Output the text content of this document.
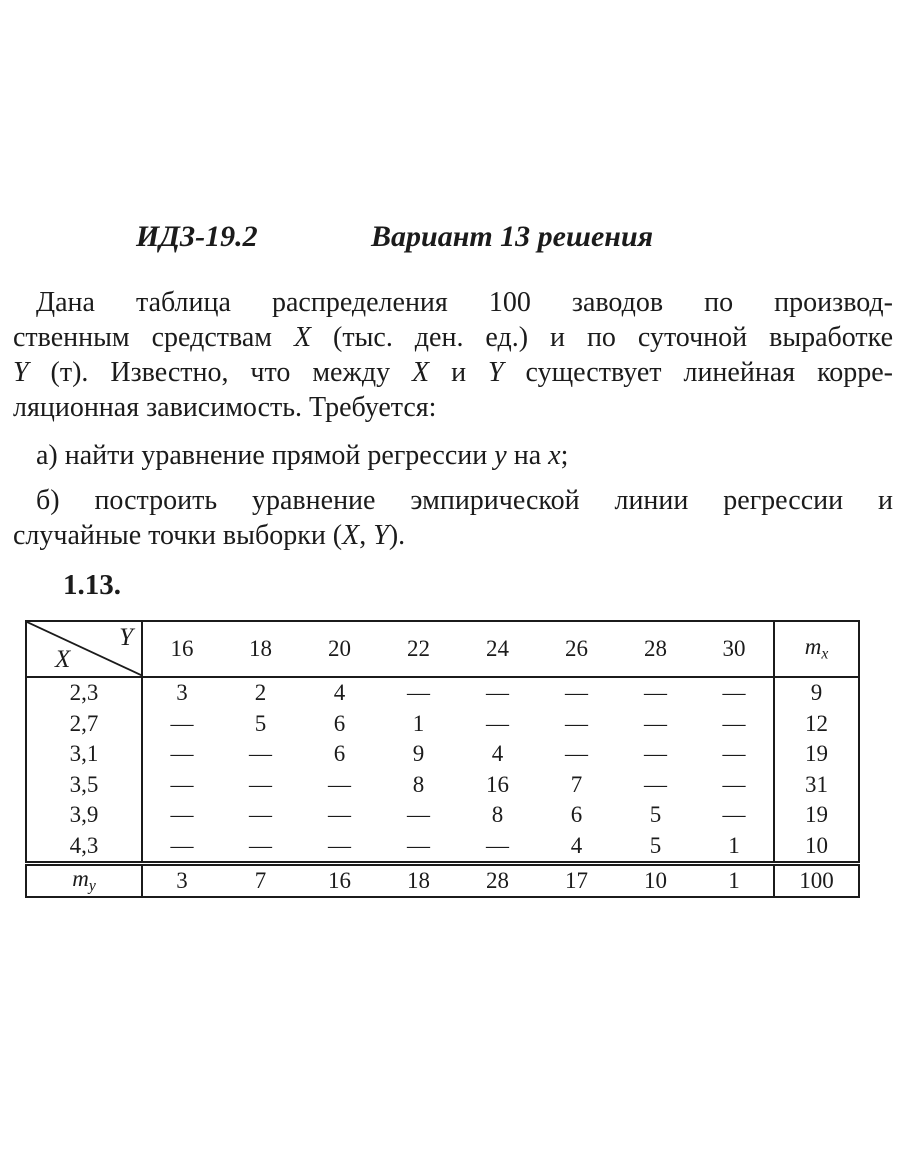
ИДЗ-19.2	Вариант 13 решения
Дана таблица распределения 100 заводов по производ-
ственным средствам X (тыс. ден. ед.) и по суточной выработке
Y (т). Известно, что между X и Y существует линейная корре-
ляционная зависимость. Требуется:
а) найти уравнение прямой регрессии y на x;
б) построить уравнение эмпирической линии регрессии и
случайные точки выборки (X, Y).
1.13.
Y
X	16	18	20	22	24	26	28	30	$m_x$
2,3	3	2	4	—	—	—	—	—	9
2,7	—	5	6	1	—	—	—	—	12
3,1	—	—	6	9	4	—	—	—	19
3,5	—	—	—	8	16	7	—	—	31
3,9	—	—	—	—	8	6	5	—	19
4,3	—	—	—	—	—	4	5	1	10
$m_y$	3	7	16	18	28	17	10	1	100
